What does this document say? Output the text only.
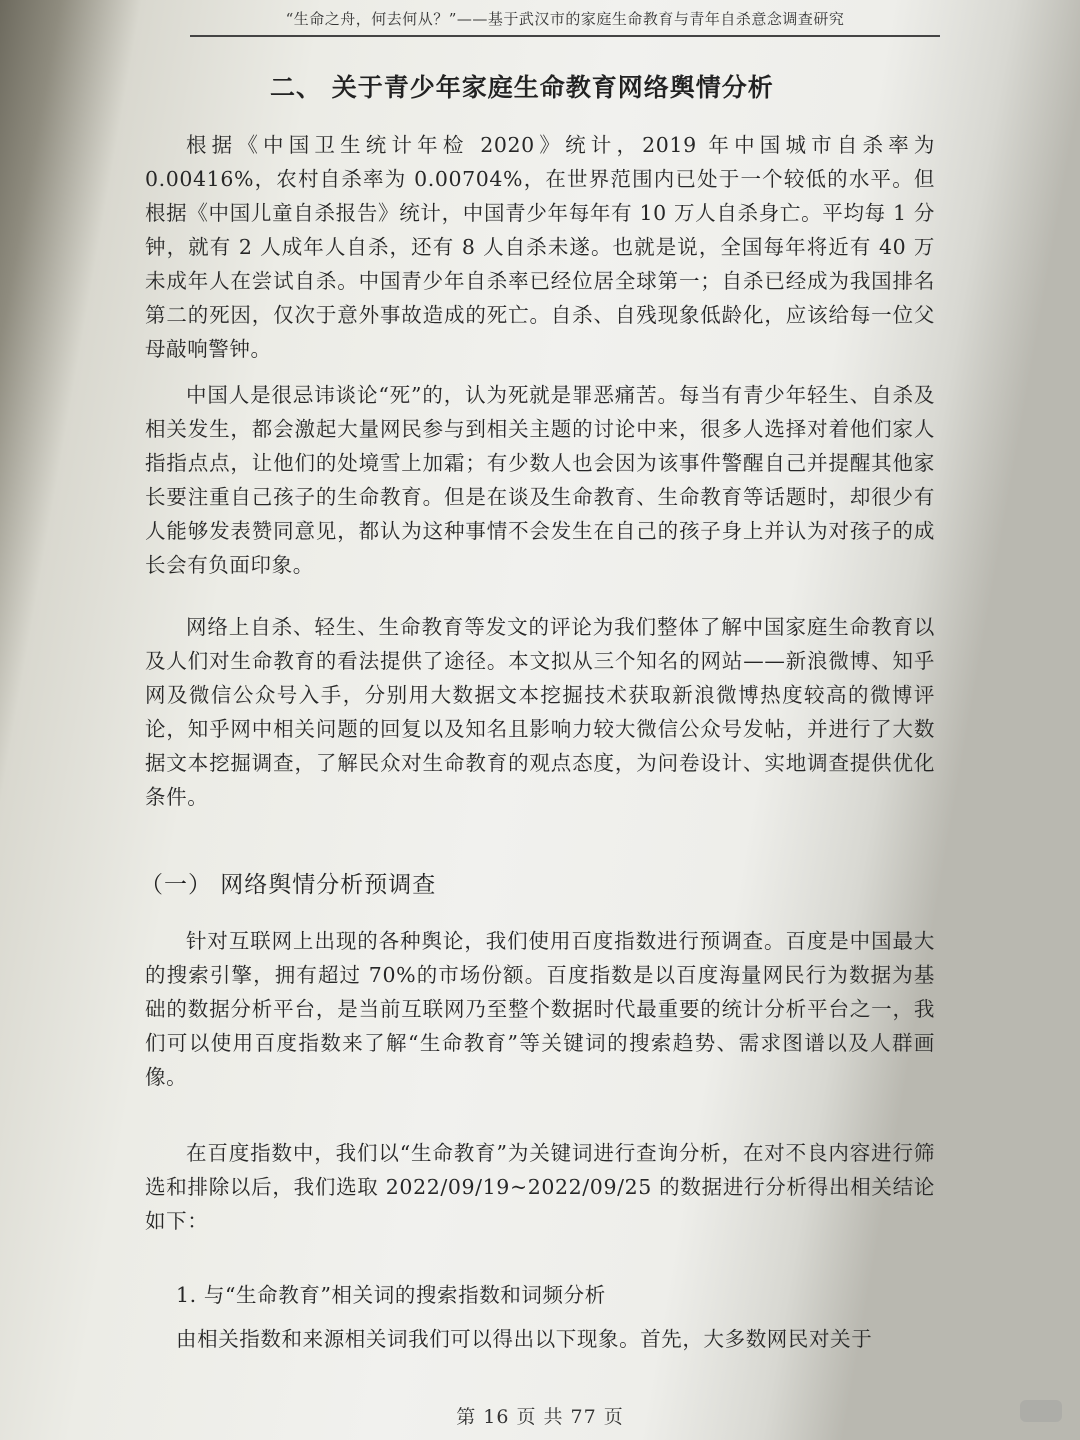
“生命之舟，何去何从？”——基于武汉市的家庭生命教育与青年自杀意念调查研究
二、 关于青少年家庭生命教育网络舆情分析
根据《中国卫生统计年检 2020》统计，2019 年中国城市自杀率为 0.00416%，农村自杀率为 0.00704%，在世界范围内已处于一个较低的水平。但根据《中国儿童自杀报告》统计，中国青少年每年有 10 万人自杀身亡。平均每 1 分钟，就有 2 人成年人自杀，还有 8 人自杀未遂。也就是说，全国每年将近有 40 万未成年人在尝试自杀。中国青少年自杀率已经位居全球第一；自杀已经成为我国排名第二的死因，仅次于意外事故造成的死亡。自杀、自残现象低龄化，应该给每一位父母敲响警钟。
中国人是很忌讳谈论“死”的，认为死就是罪恶痛苦。每当有青少年轻生、自杀及相关发生，都会激起大量网民参与到相关主题的讨论中来，很多人选择对着他们家人指指点点，让他们的处境雪上加霜；有少数人也会因为该事件警醒自己并提醒其他家长要注重自己孩子的生命教育。但是在谈及生命教育、生命教育等话题时，却很少有人能够发表赞同意见，都认为这种事情不会发生在自己的孩子身上并认为对孩子的成长会有负面印象。
网络上自杀、轻生、生命教育等发文的评论为我们整体了解中国家庭生命教育以及人们对生命教育的看法提供了途径。本文拟从三个知名的网站——新浪微博、知乎网及微信公众号入手，分别用大数据文本挖掘技术获取新浪微博热度较高的微博评论，知乎网中相关问题的回复以及知名且影响力较大微信公众号发帖，并进行了大数据文本挖掘调查，了解民众对生命教育的观点态度，为问卷设计、实地调查提供优化条件。
（一） 网络舆情分析预调查
针对互联网上出现的各种舆论，我们使用百度指数进行预调查。百度是中国最大的搜索引擎，拥有超过 70%的市场份额。百度指数是以百度海量网民行为数据为基础的数据分析平台，是当前互联网乃至整个数据时代最重要的统计分析平台之一，我们可以使用百度指数来了解“生命教育”等关键词的搜索趋势、需求图谱以及人群画像。
在百度指数中，我们以“生命教育”为关键词进行查询分析，在对不良内容进行筛选和排除以后，我们选取 2022/09/19~2022/09/25 的数据进行分析得出相关结论如下：
1. 与“生命教育”相关词的搜索指数和词频分析
由相关指数和来源相关词我们可以得出以下现象。首先，大多数网民对关于
第 16 页 共 77 页
